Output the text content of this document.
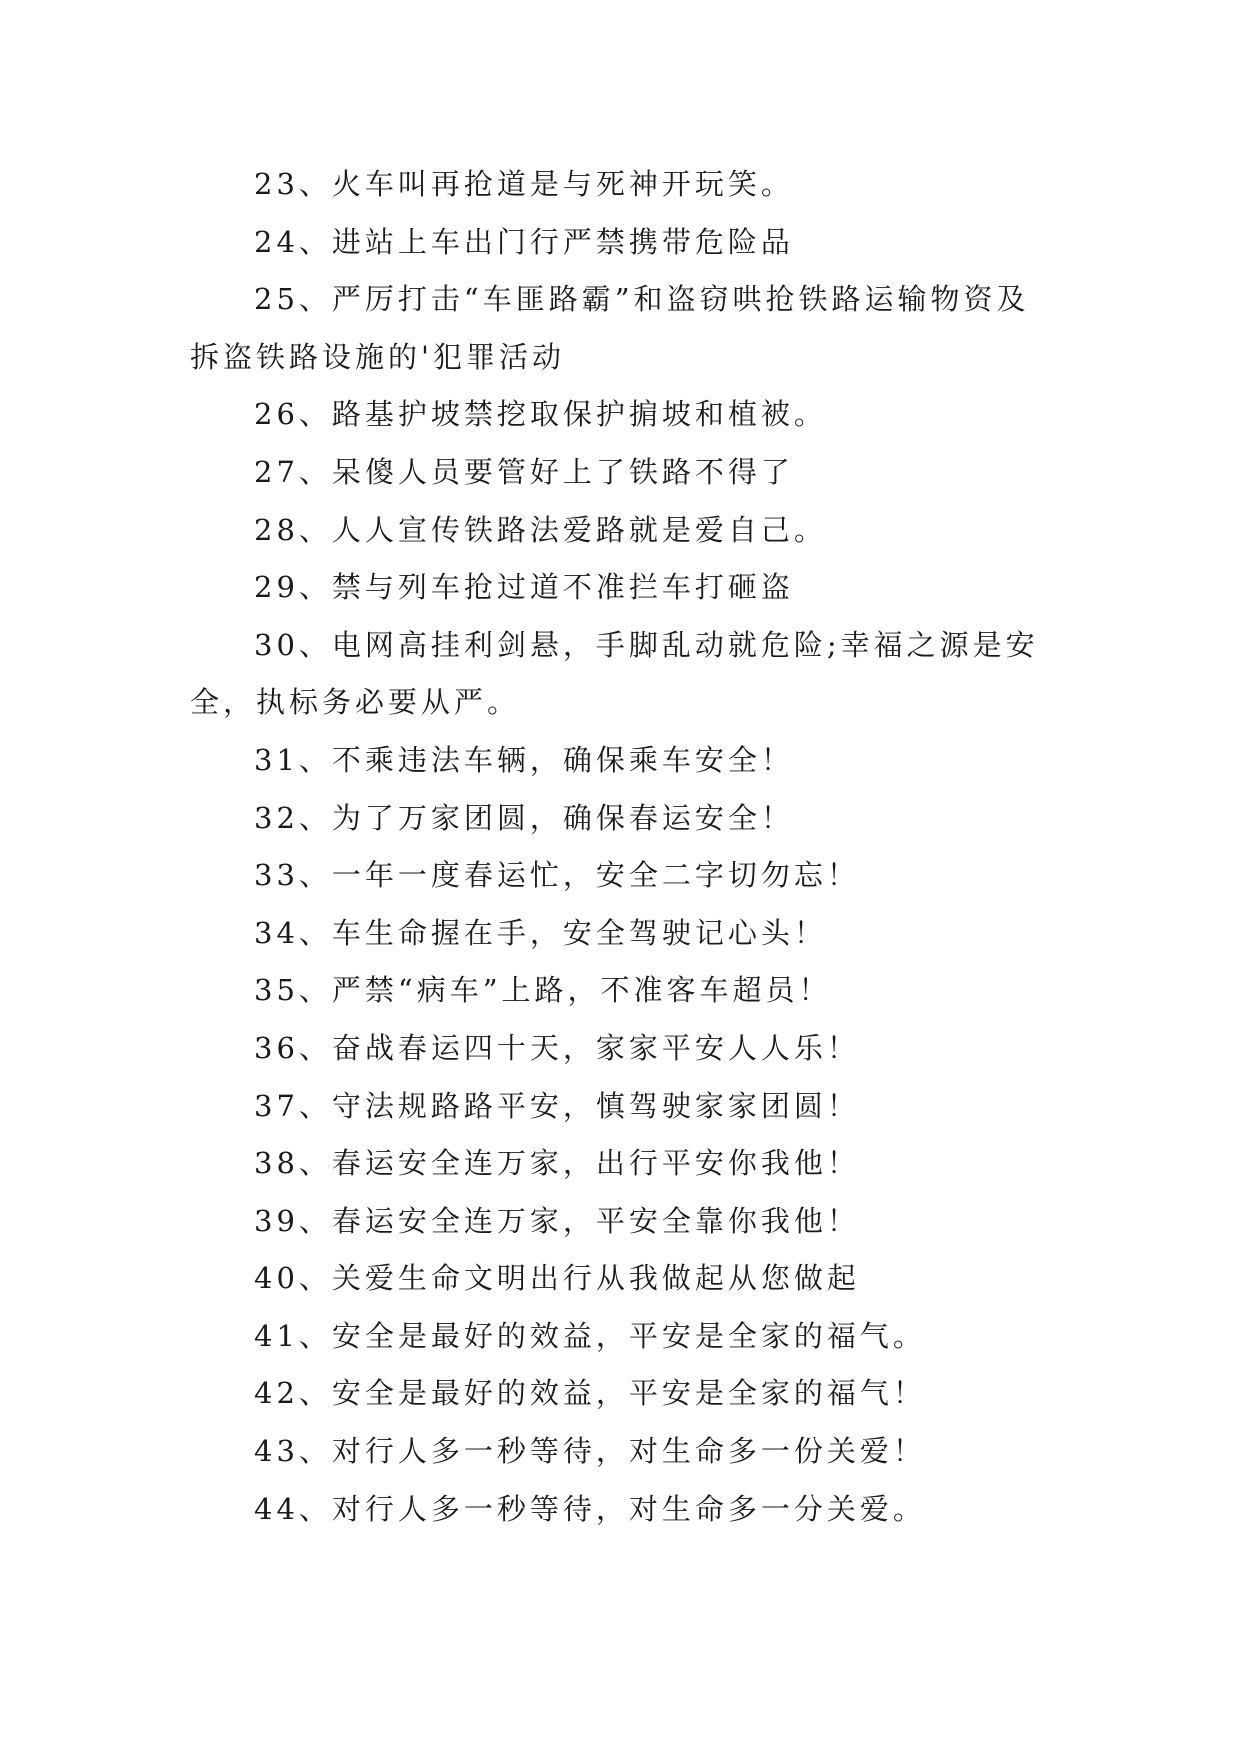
23、火车叫再抢道是与死神开玩笑。

24、进站上车出门行严禁携带危险品

25、严厉打击“车匪路霸”和盗窃哄抢铁路运输物资及拆盗铁路设施的'犯罪活动

26、路基护坡禁挖取保护掮坡和植被。

27、呆傻人员要管好上了铁路不得了

28、人人宣传铁路法爱路就是爱自己。

29、禁与列车抢过道不准拦车打砸盗

30、电网高挂利剑悬，手脚乱动就危险;幸福之源是安全，执标务必要从严。

31、不乘违法车辆，确保乘车安全！

32、为了万家团圆，确保春运安全！

33、一年一度春运忙，安全二字切勿忘！

34、车生命握在手，安全驾驶记心头！

35、严禁“病车”上路，不准客车超员！

36、奋战春运四十天，家家平安人人乐！

37、守法规路路平安，慎驾驶家家团圆！

38、春运安全连万家，出行平安你我他！

39、春运安全连万家，平安全靠你我他！

40、关爱生命文明出行从我做起从您做起

41、安全是最好的效益，平安是全家的福气。

42、安全是最好的效益，平安是全家的福气！

43、对行人多一秒等待，对生命多一份关爱！

44、对行人多一秒等待，对生命多一分关爱。
